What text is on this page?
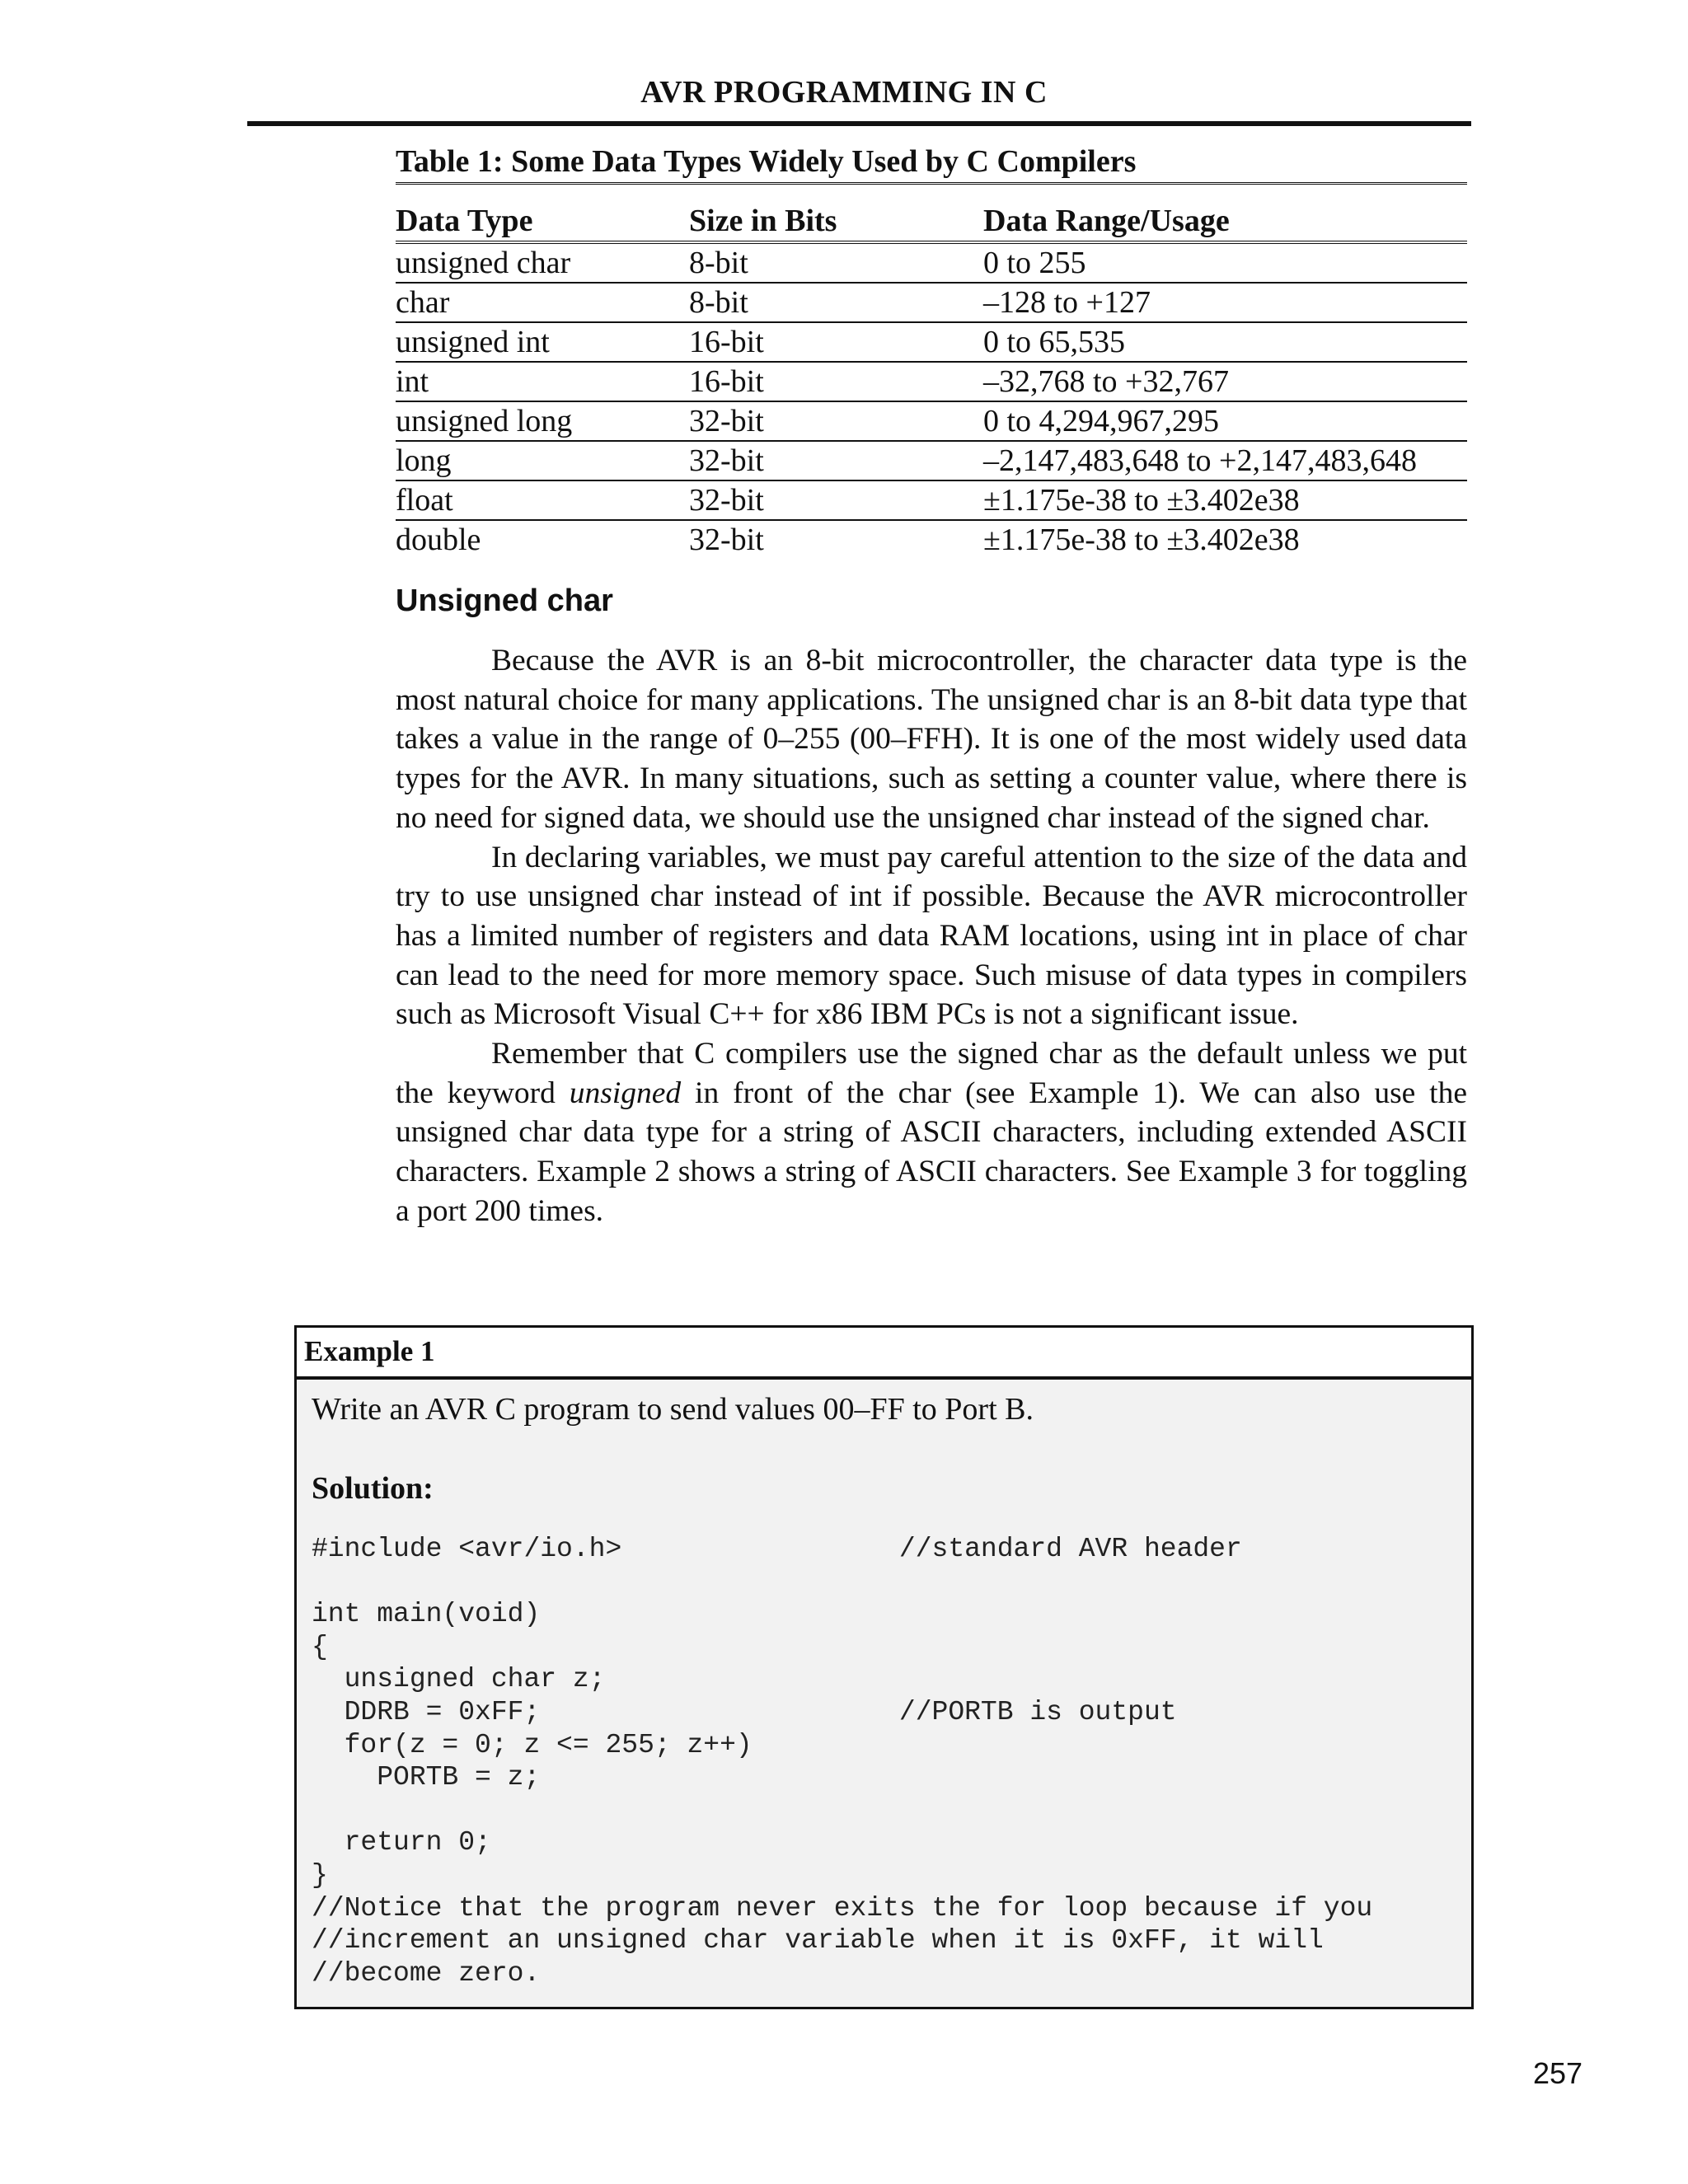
AVR PROGRAMMING IN C
Table 1: Some Data Types Widely Used by C Compilers
Data Type	Size in Bits	Data Range/Usage
unsigned char	8-bit	0 to 255
char	8-bit	–128 to +127
unsigned int	16-bit	0 to 65,535
int	16-bit	–32,768 to +32,767
unsigned long	32-bit	0 to 4,294,967,295
long	32-bit	–2,147,483,648 to +2,147,483,648
float	32-bit	±1.175e-38 to ±3.402e38
double	32-bit	±1.175e-38 to ±3.402e38
Unsigned char

Because the AVR is an 8-bit microcontroller, the character data type is the most natural choice for many applications. The unsigned char is an 8-bit data type that takes a value in the range of 0–255 (00–FFH). It is one of the most widely used data types for the AVR. In many situations, such as setting a counter value, where there is no need for signed data, we should use the unsigned char instead of the signed char.

In declaring variables, we must pay careful attention to the size of the data and try to use unsigned char instead of int if possible. Because the AVR microcontroller has a limited number of registers and data RAM locations, using int in place of char can lead to the need for more memory space. Such misuse of data types in compilers such as Microsoft Visual C++ for x86 IBM PCs is not a significant issue.

Remember that C compilers use the signed char as the default unless we put the keyword unsigned in front of the char (see Example 1). We can also use the unsigned char data type for a string of ASCII characters, including extended ASCII characters. Example 2 shows a string of ASCII characters. See Example 3 for toggling a port 200 times.

Example 1
Write an AVR C program to send values 00–FF to Port B.
Solution:
#include <avr/io.h>                 //standard AVR header

int main(void)
{
unsigned char z;
DDRB = 0xFF;                      //PORTB is output
for(z = 0; z <= 255; z++)
PORTB = z;

return 0;
}
//Notice that the program never exits the for loop because if you
//increment an unsigned char variable when it is 0xFF, it will
//become zero.
257
